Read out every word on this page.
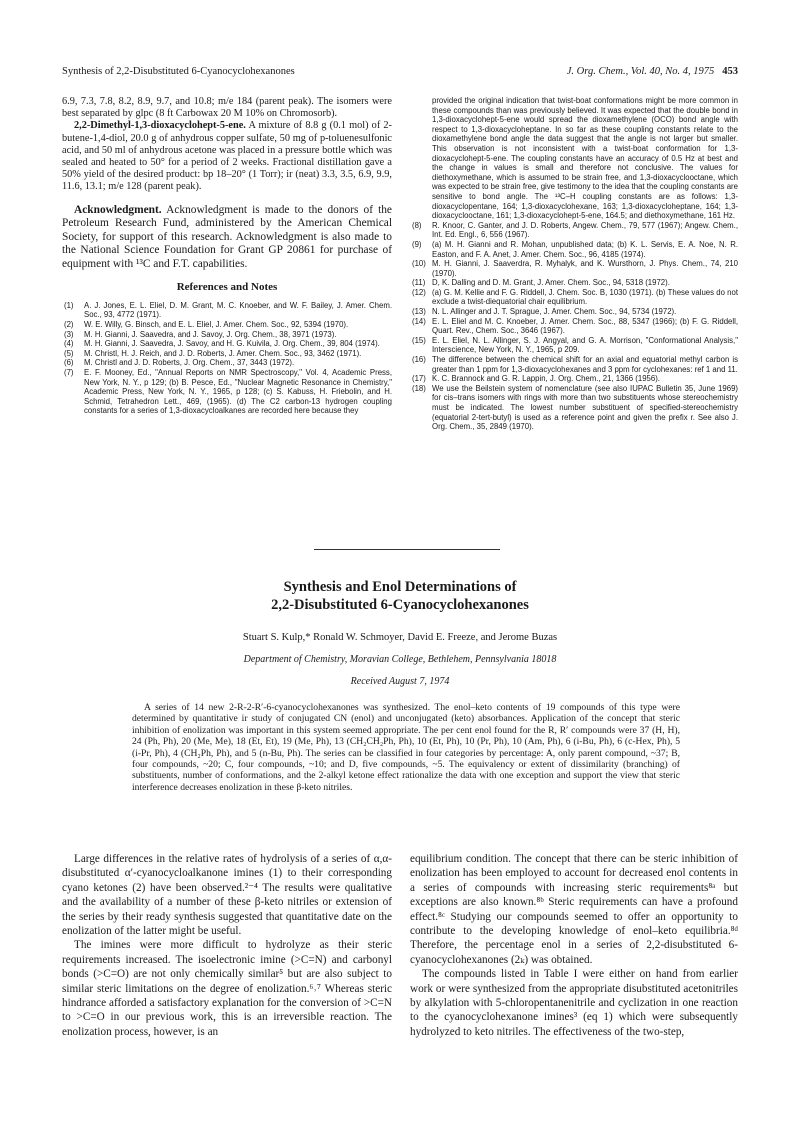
Synthesis of 2,2-Disubstituted 6-Cyanocyclohexanones	J. Org. Chem., Vol. 40, No. 4, 1975 453

6.9, 7.3, 7.8, 8.2, 8.9, 9.7, and 10.8; m/e 184 (parent peak). The isomers were best separated by glpc (8 ft Carbowax 20 M 10% on Chromosorb).

2,2-Dimethyl-1,3-dioxacyclohept-5-ene. A mixture of 8.8 g (0.1 mol) of 2-butene-1,4-diol, 20.0 g of anhydrous copper sulfate, 50 mg of p-toluenesulfonic acid, and 50 ml of anhydrous acetone was placed in a pressure bottle which was sealed and heated to 50° for a period of 2 weeks. Fractional distillation gave a 50% yield of the desired product: bp 18–20° (1 Torr); ir (neat) 3.3, 3.5, 6.9, 9.9, 11.6, 13.1; m/e 128 (parent peak).

Acknowledgment. Acknowledgment is made to the donors of the Petroleum Research Fund, administered by the American Chemical Society, for support of this research. Acknowledgment is also made to the National Science Foundation for Grant GP 20861 for purchase of equipment with ¹³C and F.T. capabilities.

References and Notes
(1) A. J. Jones, E. L. Eliel, D. M. Grant, M. C. Knoeber, and W. F. Bailey, J. Amer. Chem. Soc., 93, 4772 (1971).
(2) W. E. Willy, G. Binsch, and E. L. Eliel, J. Amer. Chem. Soc., 92, 5394 (1970).
(3) M. H. Gianni, J. Saavedra, and J. Savoy, J. Org. Chem., 38, 3971 (1973).
(4) M. H. Gianni, J. Saavedra, J. Savoy, and H. G. Kuivila, J. Org. Chem., 39, 804 (1974).
(5) M. Christl, H. J. Reich, and J. D. Roberts, J. Amer. Chem. Soc., 93, 3462 (1971).
(6) M. Christl and J. D. Roberts, J. Org. Chem., 37, 3443 (1972).
(7) E. F. Mooney, Ed., "Annual Reports on NMR Spectroscopy," Vol. 4, Academic Press, New York, N. Y., p 129; (b) B. Pesce, Ed., "Nuclear Magnetic Resonance in Chemistry," Academic Press, New York, N. Y., 1965, p 128; (c) S. Kabuss, H. Friebolin, and H. Schmid, Tetrahedron Lett., 469, (1965). (d) The C2 carbon-13 hydrogen coupling constants for a series of 1,3-dioxacycloalkanes are recorded here because they
provided the original indication that twist-boat conformations might be more common in these compounds than was previously believed. It was expected that the double bond in 1,3-dioxacyclohept-5-ene would spread the dioxamethylene (OCO) bond angle with respect to 1,3-dioxacycloheptane. In so far as these coupling constants relate to the dioxamethylene bond angle the data suggest that the angle is not larger but smaller. This observation is not inconsistent with a twist-boat conformation for 1,3-dioxacyclohept-5-ene. The coupling constants have an accuracy of 0.5 Hz at best and the change in values is small and therefore not conclusive. The values for diethoxymethane, which is assumed to be strain free, and 1,3-dioxacyclooctane, which was expected to be strain free, give testimony to the idea that the coupling constants are sensitive to bond angle. The ¹³C–H coupling constants are as follows: 1,3-dioxacyclopentane, 164; 1,3-dioxacyclohexane, 163; 1,3-dioxacycloheptane, 164; 1,3-dioxacyclooctane, 161; 1,3-dioxacyclohept-5-ene, 164.5; and diethoxymethane, 161 Hz.
(8) R. Knoor, C. Ganter, and J. D. Roberts, Angew. Chem., 79, 577 (1967); Angew. Chem., Int. Ed. Engl., 6, 556 (1967).
(9) (a) M. H. Gianni and R. Mohan, unpublished data; (b) K. L. Servis, E. A. Noe, N. R. Easton, and F. A. Anet, J. Amer. Chem. Soc., 96, 4185 (1974).
(10) M. H. Gianni, J. Saaverdra, R. Myhalyk, and K. Wursthorn, J. Phys. Chem., 74, 210 (1970).
(11) D, K. Dalling and D. M. Grant, J. Amer. Chem. Soc., 94, 5318 (1972).
(12) (a) G. M. Kellie and F. G. Riddell, J. Chem. Soc. B, 1030 (1971). (b) These values do not exclude a twist-diequatorial chair equilibrium.
(13) N. L. Allinger and J. T. Sprague, J. Amer. Chem. Soc., 94, 5734 (1972).
(14) E. L. Eliel and M. C. Knoeber, J. Amer. Chem. Soc., 88, 5347 (1966); (b) F. G. Riddell, Quart. Rev., Chem. Soc., 3646 (1967).
(15) E. L. Eliel, N. L. Allinger, S. J. Angyal, and G. A. Morrison, "Conformational Analysis," Interscience, New York, N. Y., 1965, p 209.
(16) The difference between the chemical shift for an axial and equatorial methyl carbon is greater than 1 ppm for 1,3-dioxacyclohexanes and 3 ppm for cyclohexanes: ref 1 and 11.
(17) K. C. Brannock and G. R. Lappin, J. Org. Chem., 21, 1366 (1956).
(18) We use the Beilstein system of nomenclature (see also IUPAC Bulletin 35, June 1969) for cis–trans isomers with rings with more than two substituents whose stereochemistry must be indicated. The lowest number substituent of specified-stereochemistry (equatorial 2-tert-butyl) is used as a reference point and given the prefix r. See also J. Org. Chem., 35, 2849 (1970).
Synthesis and Enol Determinations of
2,2-Disubstituted 6-Cyanocyclohexanones
Stuart S. Kulp,* Ronald W. Schmoyer, David E. Freeze, and Jerome Buzas
Department of Chemistry, Moravian College, Bethlehem, Pennsylvania 18018
Received August 7, 1974
A series of 14 new 2-R-2-R′-6-cyanocyclohexanones was synthesized. The enol–keto contents of 19 compounds of this type were determined by quantitative ir study of conjugated CN (enol) and unconjugated (keto) absorbances. Application of the concept that steric inhibition of enolization was important in this system seemed appropriate. The per cent enol found for the R, R′ compounds were 37 (H, H), 24 (Ph, Ph), 20 (Me, Me), 18 (Et, Et), 19 (Me, Ph), 13 (CH₂CH₂Ph, Ph), 10 (Et, Ph), 10 (Pr, Ph), 10 (Am, Ph), 6 (i-Bu, Ph), 6 (c-Hex, Ph), 5 (i-Pr, Ph), 4 (CH₂Ph, Ph), and 5 (n-Bu, Ph). The series can be classified in four categories by percentage: A, only parent compound, ~37; B, four compounds, ~20; C, four compounds, ~10; and D, five compounds, ~5. The equivalency or extent of dissimilarity (branching) of substituents, number of conformations, and the 2-alkyl ketone effect rationalize the data with one exception and support the view that steric interference decreases enolization in these β-keto nitriles.

Large differences in the relative rates of hydrolysis of a series of α,α-disubstituted α′-cyanocycloalkanone imines (1) to their corresponding cyano ketones (2) have been observed.²⁻⁴ The results were qualitative and the availability of a number of these β-keto nitriles or extension of the series by their ready synthesis suggested that quantitative date on the enolization of the latter might be useful.

The imines were more difficult to hydrolyze as their steric requirements increased. The isoelectronic imine (>C=N) and carbonyl bonds (>C=O) are not only chemically similar⁵ but are also subject to similar steric limitations on the degree of enolization.⁶˒⁷ Whereas steric hindrance afforded a satisfactory explanation for the conversion of >C=N to >C=O in our previous work, this is an irreversible reaction. The enolization process, however, is an

equilibrium condition. The concept that there can be steric inhibition of enolization has been employed to account for decreased enol contents in a series of compounds with increasing steric requirements⁸ᵃ but exceptions are also known.⁸ᵇ Steric requirements can have a profound effect.⁸ᶜ Studying our compounds seemed to offer an opportunity to contribute to the developing knowledge of enol–keto equilibria.⁸ᵈ Therefore, the percentage enol in a series of 2,2-disubstituted 6-cyanocyclohexanones (2ₖ) was obtained.

The compounds listed in Table I were either on hand from earlier work or were synthesized from the appropriate disubstituted acetonitriles by alkylation with 5-chloropentanenitrile and cyclization in one reaction to the cyanocyclohexanone imines³ (eq 1) which were subsequently hydrolyzed to keto nitriles. The effectiveness of the two-step,
